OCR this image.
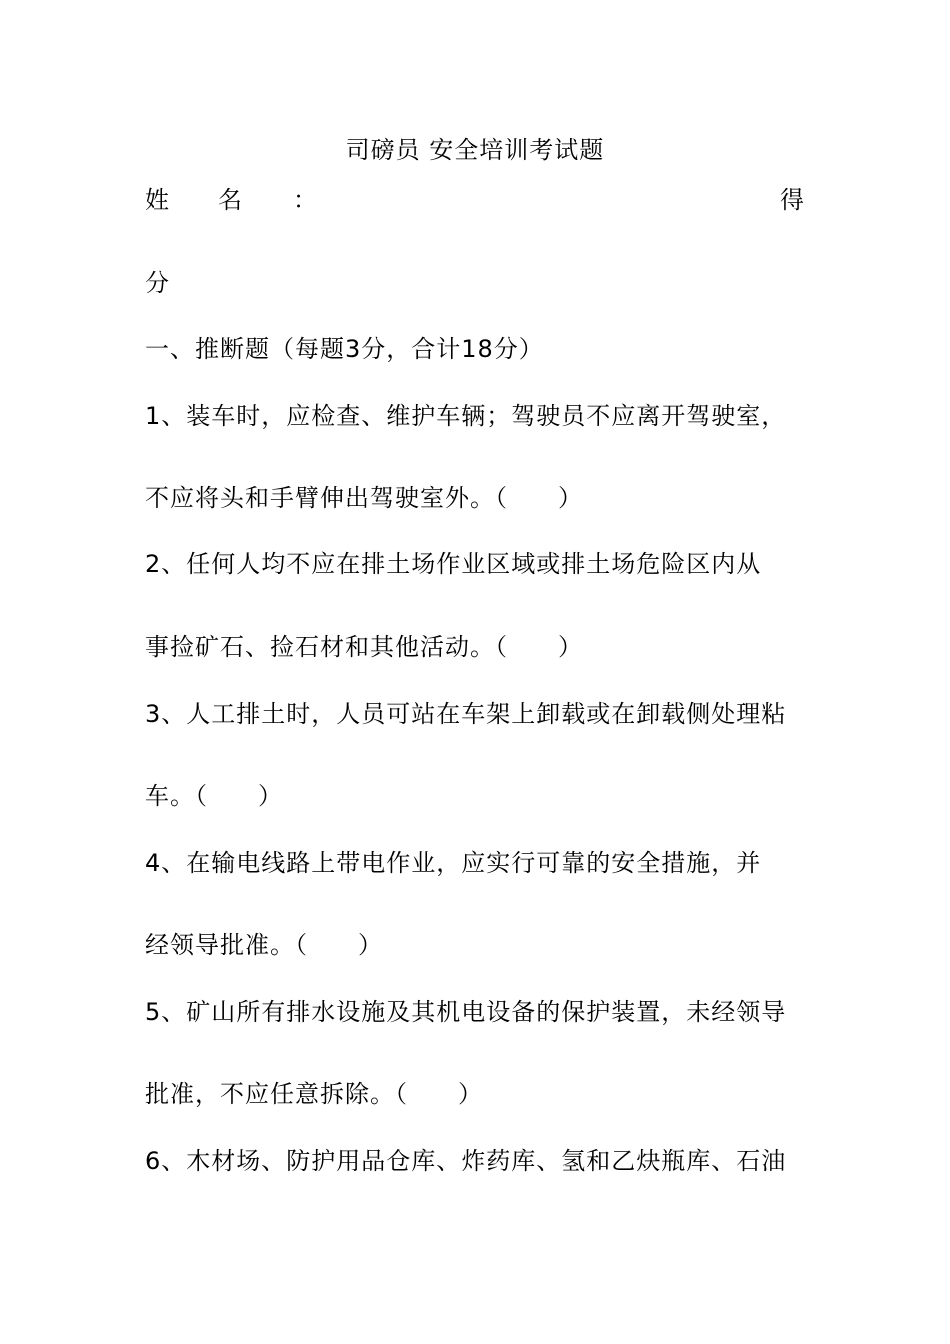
司磅员 安全培训考试题
姓 名 ：	得
分
一、推断题（每题3分，合计18分）
1、装车时，应检查、维护车辆；驾驶员不应离开驾驶室，
不应将头和手臂伸出驾驶室外。（　　）
2、任何人均不应在排土场作业区域或排土场危险区内从
事捡矿石、捡石材和其他活动。（　　）
3、人工排土时，人员可站在车架上卸载或在卸载侧处理粘
车。（　　）
4、在输电线路上带电作业，应实行可靠的安全措施，并
经领导批准。（　　）
5、矿山所有排水设施及其机电设备的保护装置，未经领导
批准，不应任意拆除。（　　）
6、木材场、防护用品仓库、炸药库、氢和乙炔瓶库、石油
